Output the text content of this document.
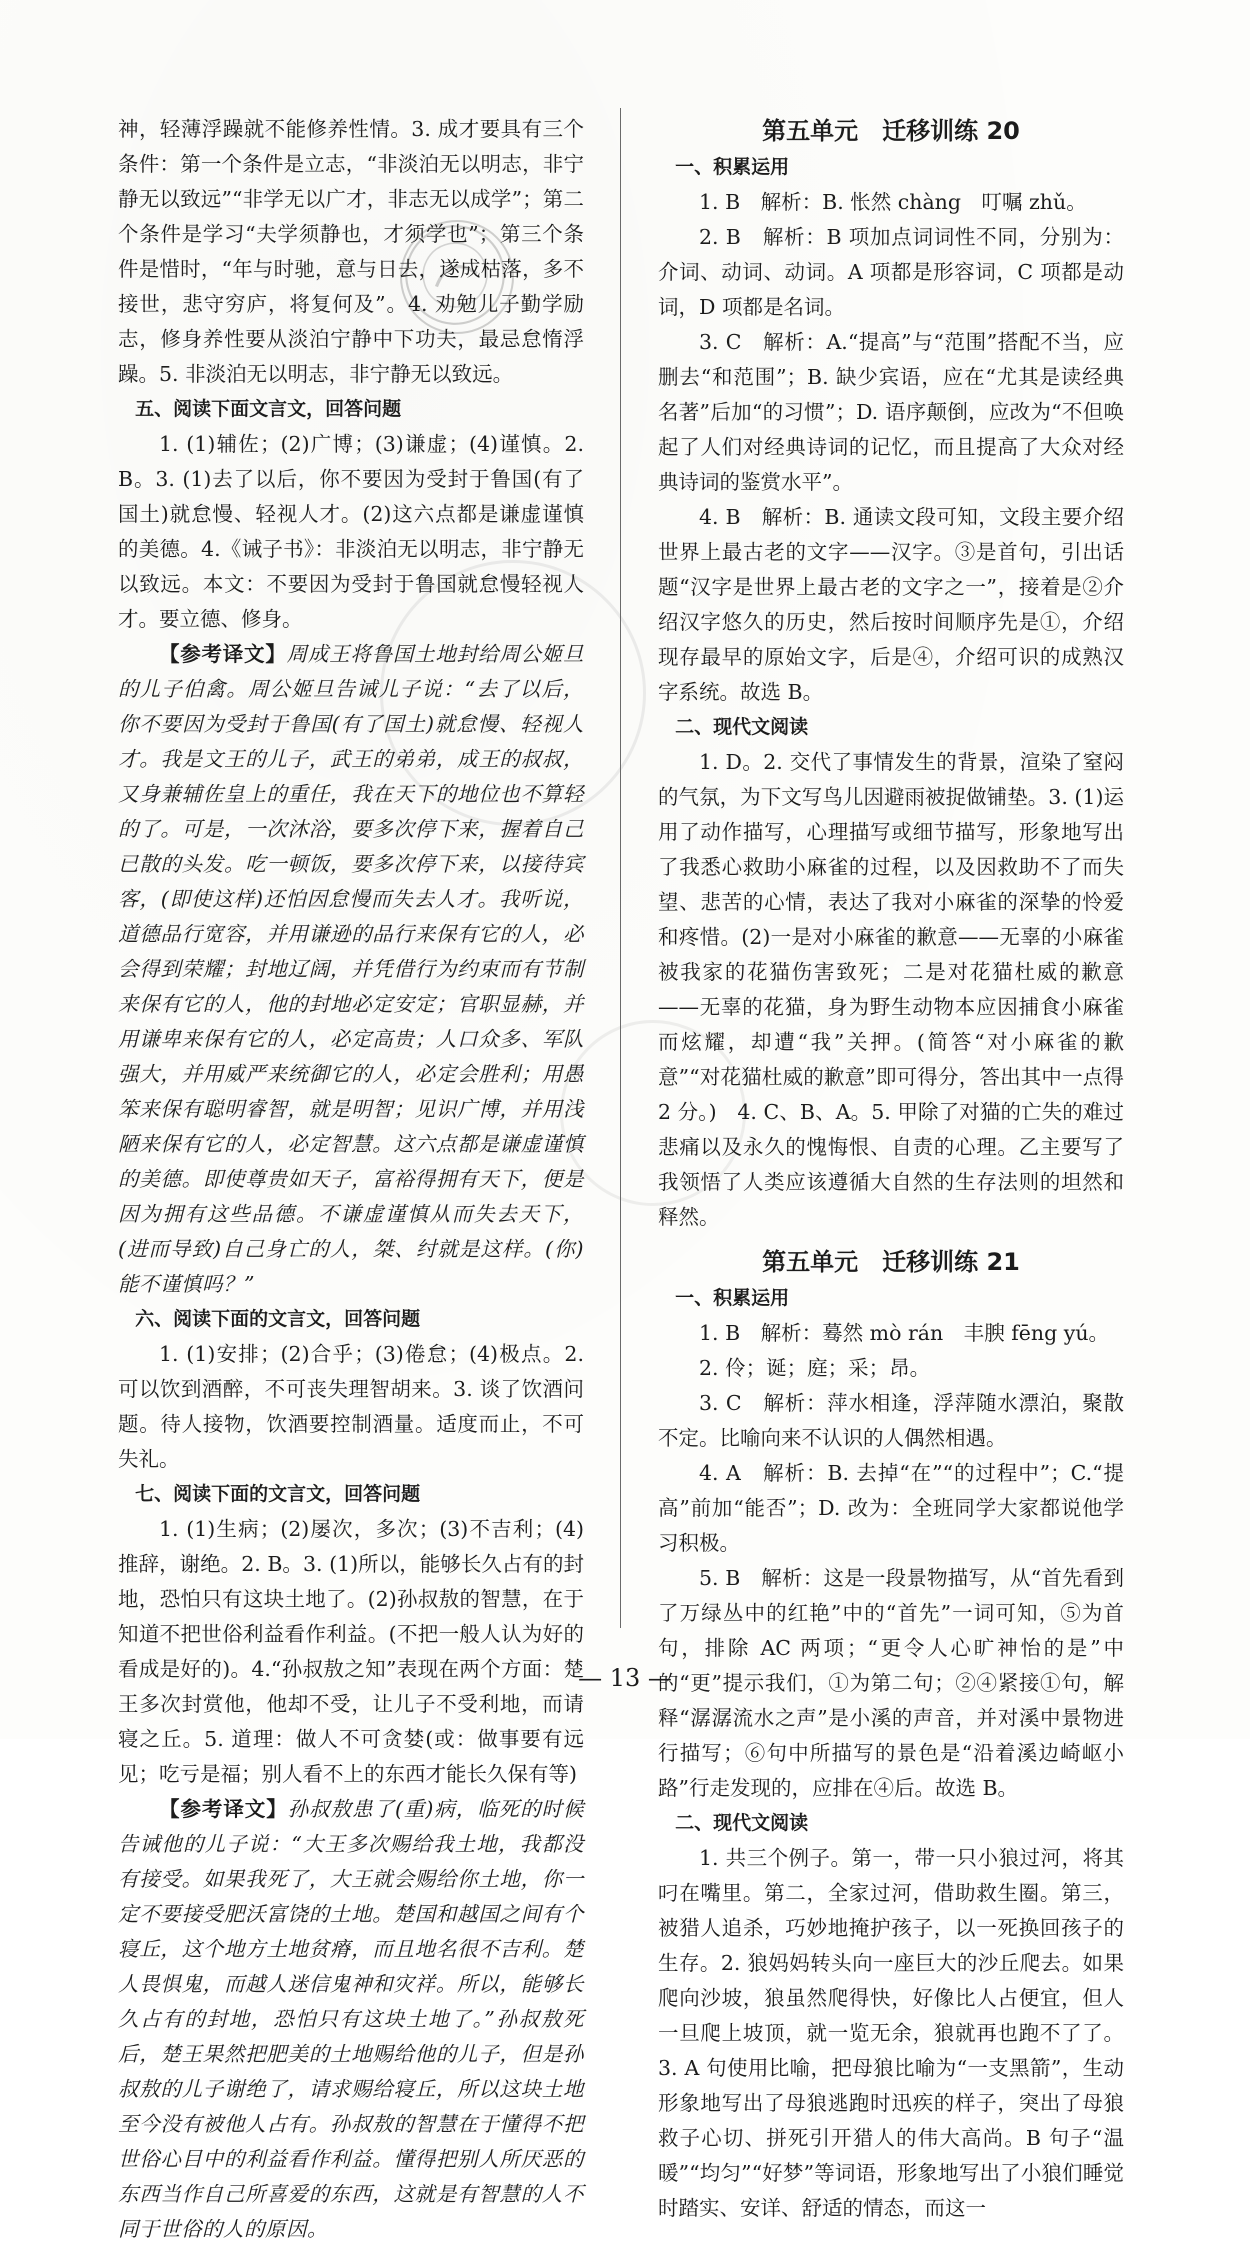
神，轻薄浮躁就不能修养性情。3. 成才要具有三个条件：第一个条件是立志，“非淡泊无以明志，非宁静无以致远”“非学无以广才，非志无以成学”；第二个条件是学习“夫学须静也，才须学也”；第三个条件是惜时，“年与时驰，意与日去，遂成枯落，多不接世，悲守穷庐，将复何及”。4. 劝勉儿子勤学励志，修身养性要从淡泊宁静中下功夫，最忌怠惰浮躁。5. 非淡泊无以明志，非宁静无以致远。

五、阅读下面文言文，回答问题

1. (1)辅佐；(2)广博；(3)谦虚；(4)谨慎。2. B。3. (1)去了以后，你不要因为受封于鲁国(有了国土)就怠慢、轻视人才。(2)这六点都是谦虚谨慎的美德。4.《诫子书》：非淡泊无以明志，非宁静无以致远。本文：不要因为受封于鲁国就怠慢轻视人才。要立德、修身。

【参考译文】周成王将鲁国土地封给周公姬旦的儿子伯禽。周公姬旦告诫儿子说：“去了以后，你不要因为受封于鲁国(有了国土)就怠慢、轻视人才。我是文王的儿子，武王的弟弟，成王的叔叔，又身兼辅佐皇上的重任，我在天下的地位也不算轻的了。可是，一次沐浴，要多次停下来，握着自己已散的头发。吃一顿饭，要多次停下来，以接待宾客，(即使这样)还怕因怠慢而失去人才。我听说，道德品行宽容，并用谦逊的品行来保有它的人，必会得到荣耀；封地辽阔，并凭借行为约束而有节制来保有它的人，他的封地必定安定；官职显赫，并用谦卑来保有它的人，必定高贵；人口众多、军队强大，并用威严来统御它的人，必定会胜利；用愚笨来保有聪明睿智，就是明智；见识广博，并用浅陋来保有它的人，必定智慧。这六点都是谦虚谨慎的美德。即使尊贵如天子，富裕得拥有天下，便是因为拥有这些品德。不谦虚谨慎从而失去天下，(进而导致)自己身亡的人，桀、纣就是这样。(你)能不谨慎吗？”

六、阅读下面的文言文，回答问题

1. (1)安排；(2)合乎；(3)倦怠；(4)极点。2. 可以饮到酒醉，不可丧失理智胡来。3. 谈了饮酒问题。待人接物，饮酒要控制酒量。适度而止，不可失礼。

七、阅读下面的文言文，回答问题

1. (1)生病；(2)屡次，多次；(3)不吉利；(4)推辞，谢绝。2. B。3. (1)所以，能够长久占有的封地，恐怕只有这块土地了。(2)孙叔敖的智慧，在于知道不把世俗利益看作利益。(不把一般人认为好的看成是好的)。4.“孙叔敖之知”表现在两个方面：楚王多次封赏他，他却不受，让儿子不受利地，而请寝之丘。5. 道理：做人不可贪婪(或：做事要有远见；吃亏是福；别人看不上的东西才能长久保有等)

【参考译文】孙叔敖患了(重)病，临死的时候告诫他的儿子说：“大王多次赐给我土地，我都没有接受。如果我死了，大王就会赐给你土地，你一定不要接受肥沃富饶的土地。楚国和越国之间有个寝丘，这个地方土地贫瘠，而且地名很不吉利。楚人畏惧鬼，而越人迷信鬼神和灾祥。所以，能够长久占有的封地，恐怕只有这块土地了。”孙叔敖死后，楚王果然把肥美的土地赐给他的儿子，但是孙叔敖的儿子谢绝了，请求赐给寝丘，所以这块土地至今没有被他人占有。孙叔敖的智慧在于懂得不把世俗心目中的利益看作利益。懂得把别人所厌恶的东西当作自己所喜爱的东西，这就是有智慧的人不同于世俗的人的原因。

第五单元　迁移训练 20

一、积累运用

1. B　解析：B. 怅然 chàng　叮嘱 zhǔ。

2. B　解析：B 项加点词词性不同，分别为：介词、动词、动词。A 项都是形容词，C 项都是动词，D 项都是名词。

3. C　解析：A.“提高”与“范围”搭配不当，应删去“和范围”；B. 缺少宾语，应在“尤其是读经典名著”后加“的习惯”；D. 语序颠倒，应改为“不但唤起了人们对经典诗词的记忆，而且提高了大众对经典诗词的鉴赏水平”。

4. B　解析：B. 通读文段可知，文段主要介绍世界上最古老的文字——汉字。③是首句，引出话题“汉字是世界上最古老的文字之一”，接着是②介绍汉字悠久的历史，然后按时间顺序先是①，介绍现存最早的原始文字，后是④，介绍可识的成熟汉字系统。故选 B。

二、现代文阅读

1. D。2. 交代了事情发生的背景，渲染了窒闷的气氛，为下文写鸟儿因避雨被捉做铺垫。3. (1)运用了动作描写，心理描写或细节描写，形象地写出了我悉心救助小麻雀的过程，以及因救助不了而失望、悲苦的心情，表达了我对小麻雀的深挚的怜爱和疼惜。(2)一是对小麻雀的歉意——无辜的小麻雀被我家的花猫伤害致死；二是对花猫杜威的歉意——无辜的花猫，身为野生动物本应因捕食小麻雀而炫耀，却遭“我”关押。(简答“对小麻雀的歉意”“对花猫杜威的歉意”即可得分，答出其中一点得 2 分。)　4. C、B、A。5. 甲除了对猫的亡失的难过悲痛以及永久的愧悔恨、自责的心理。乙主要写了我领悟了人类应该遵循大自然的生存法则的坦然和释然。

第五单元　迁移训练 21

一、积累运用

1. B　解析：蓦然 mò rán　丰腴 fēng yú。

2. 伶；诞；庭；采；昂。

3. C　解析：萍水相逢，浮萍随水漂泊，聚散不定。比喻向来不认识的人偶然相遇。

4. A　解析：B. 去掉“在”“的过程中”；C.“提高”前加“能否”；D. 改为：全班同学大家都说他学习积极。

5. B　解析：这是一段景物描写，从“首先看到了万绿丛中的红艳”中的“首先”一词可知，⑤为首句，排除 AC 两项；“更令人心旷神怡的是”中的“更”提示我们，①为第二句；②④紧接①句，解释“潺潺流水之声”是小溪的声音，并对溪中景物进行描写；⑥句中所描写的景色是“沿着溪边崎岖小路”行走发现的，应排在④后。故选 B。

二、现代文阅读

1. 共三个例子。第一，带一只小狼过河，将其叼在嘴里。第二，全家过河，借助救生圈。第三，被猎人追杀，巧妙地掩护孩子，以一死换回孩子的生存。2. 狼妈妈转头向一座巨大的沙丘爬去。如果爬向沙坡，狼虽然爬得快，好像比人占便宜，但人一旦爬上坡顶，就一览无余，狼就再也跑不了了。3. A 句使用比喻，把母狼比喻为“一支黑箭”，生动形象地写出了母狼逃跑时迅疾的样子，突出了母狼救子心切、拼死引开猎人的伟大高尚。B 句子“温暖”“均匀”“好梦”等词语，形象地写出了小狼们睡觉时踏实、安详、舒适的情态，而这一

— 13 —
